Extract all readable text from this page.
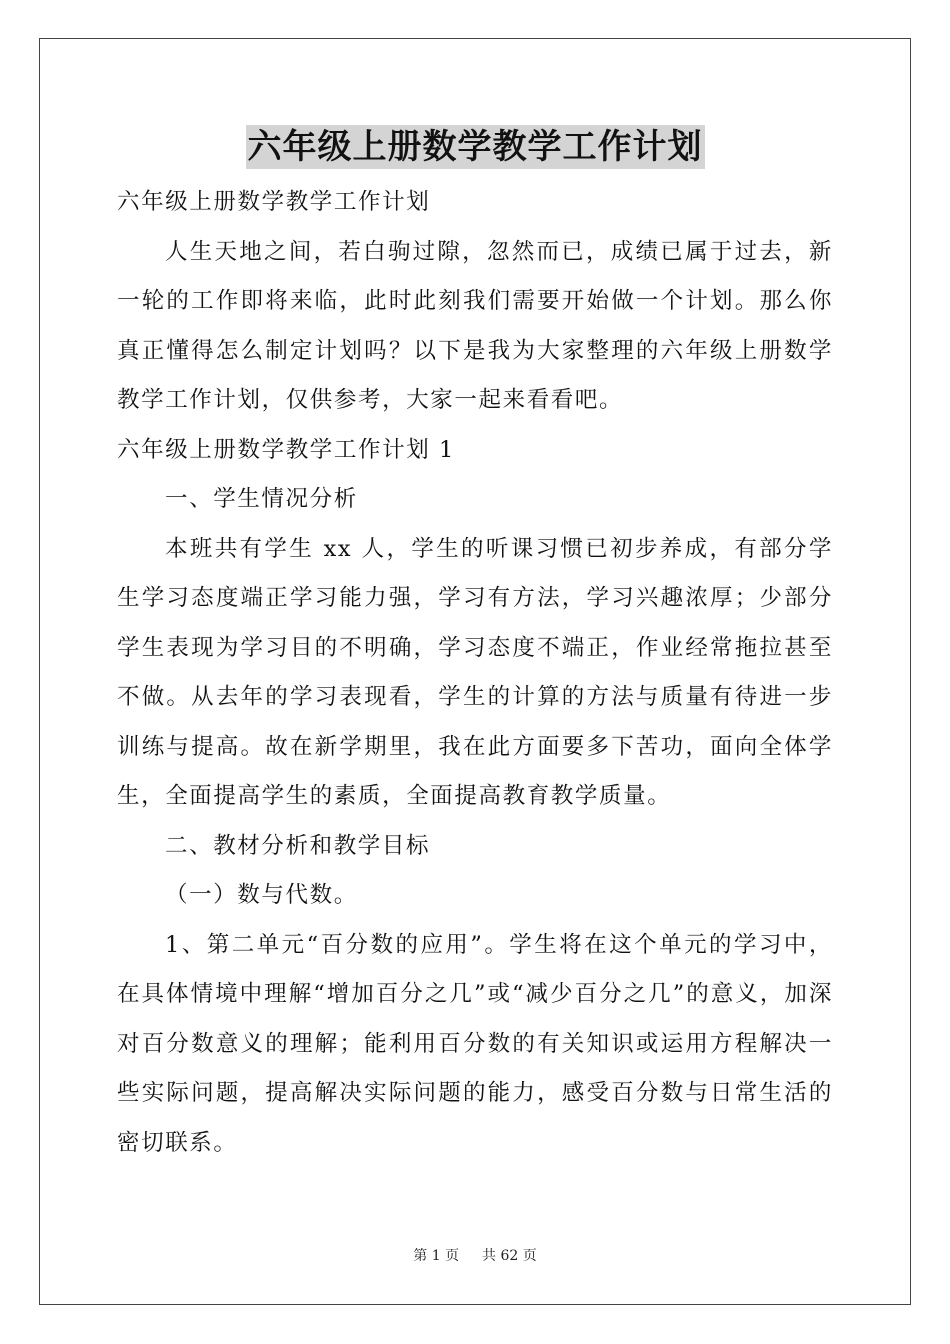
六年级上册数学教学工作计划

六年级上册数学教学工作计划

人生天地之间，若白驹过隙，忽然而已，成绩已属于过去，新一轮的工作即将来临，此时此刻我们需要开始做一个计划。那么你真正懂得怎么制定计划吗？以下是我为大家整理的六年级上册数学教学工作计划，仅供参考，大家一起来看看吧。

六年级上册数学教学工作计划 1

一、学生情况分析

本班共有学生 xx 人，学生的听课习惯已初步养成，有部分学生学习态度端正学习能力强，学习有方法，学习兴趣浓厚；少部分学生表现为学习目的不明确，学习态度不端正，作业经常拖拉甚至不做。从去年的学习表现看，学生的计算的方法与质量有待进一步训练与提高。故在新学期里，我在此方面要多下苦功，面向全体学生，全面提高学生的素质，全面提高教育教学质量。

二、教材分析和教学目标

（一）数与代数。

1、第二单元“百分数的应用”。学生将在这个单元的学习中，在具体情境中理解“增加百分之几”或“减少百分之几”的意义，加深对百分数意义的理解；能利用百分数的有关知识或运用方程解决一些实际问题，提高解决实际问题的能力，感受百分数与日常生活的密切联系。

第 1 页 共 62 页
